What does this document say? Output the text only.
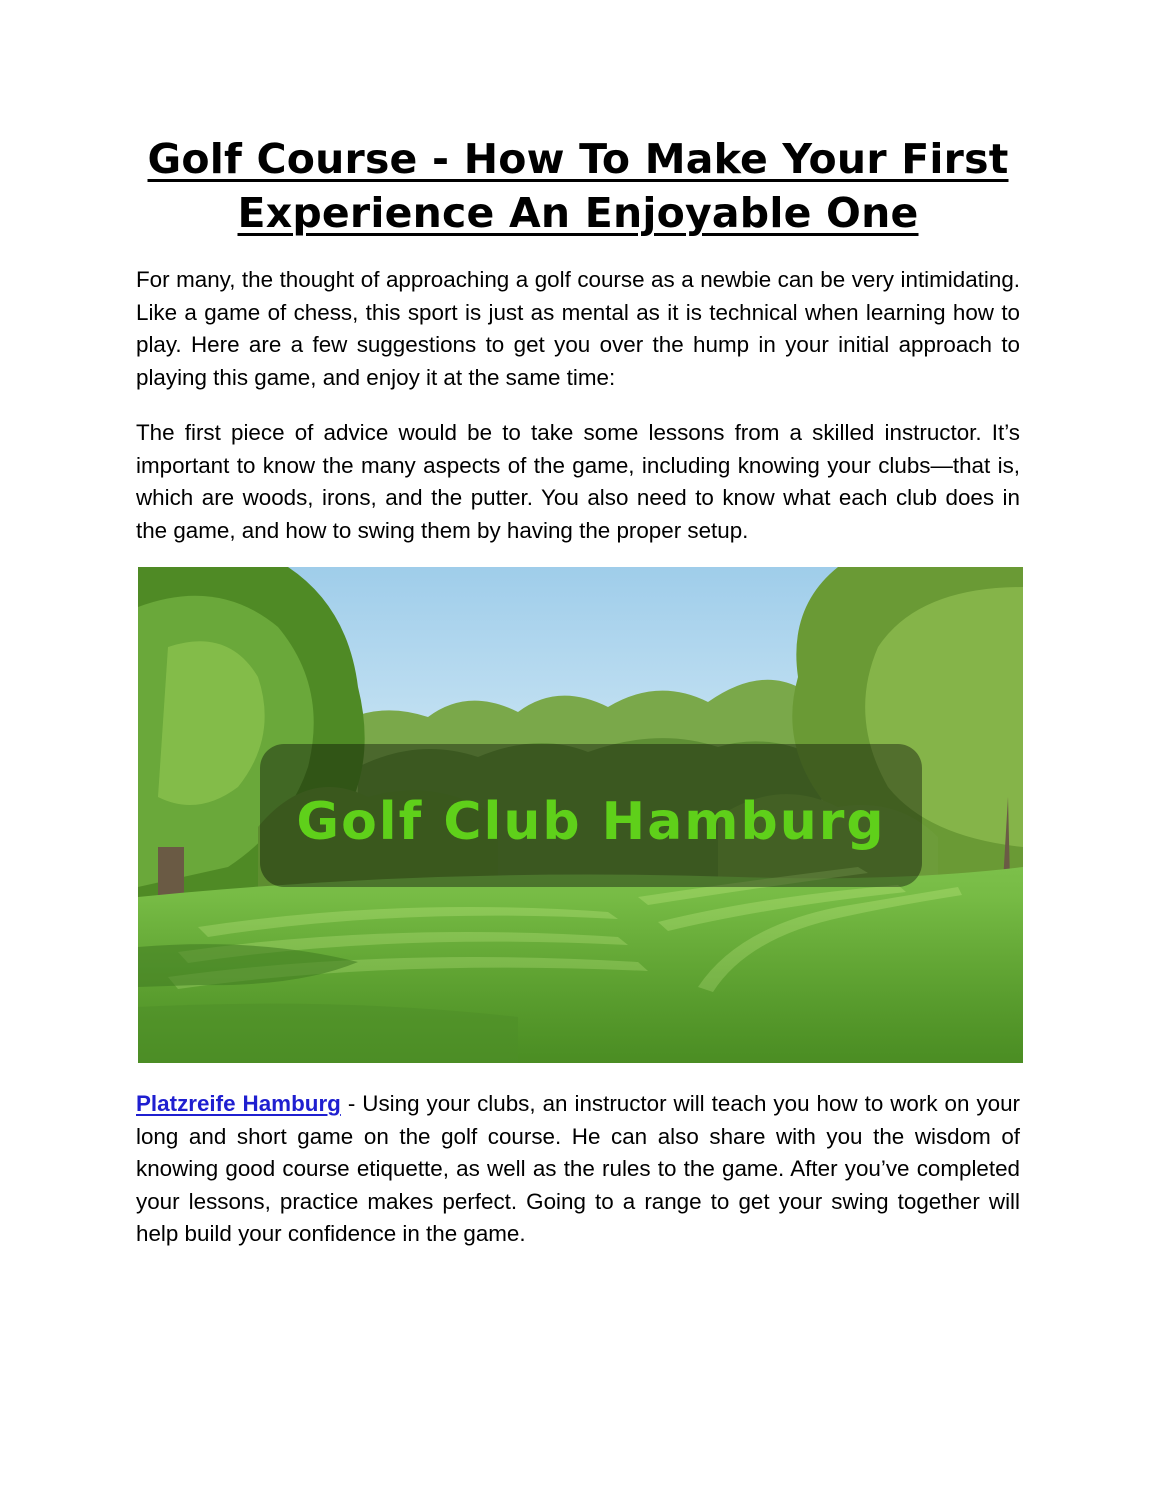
Golf Course - How To Make Your First Experience An Enjoyable One

For many, the thought of approaching a golf course as a newbie can be very intimidating. Like a game of chess, this sport is just as mental as it is technical when learning how to play. Here are a few suggestions to get you over the hump in your initial approach to playing this game, and enjoy it at the same time:

The first piece of advice would be to take some lessons from a skilled instructor. It’s important to know the many aspects of the game, including knowing your clubs—that is, which are woods, irons, and the putter. You also need to know what each club does in the game, and how to swing them by having the proper setup.

Golf Club Hamburg

Platzreife Hamburg - Using your clubs, an instructor will teach you how to work on your long and short game on the golf course. He can also share with you the wisdom of knowing good course etiquette, as well as the rules to the game. After you’ve completed your lessons, practice makes perfect. Going to a range to get your swing together will help build your confidence in the game.
